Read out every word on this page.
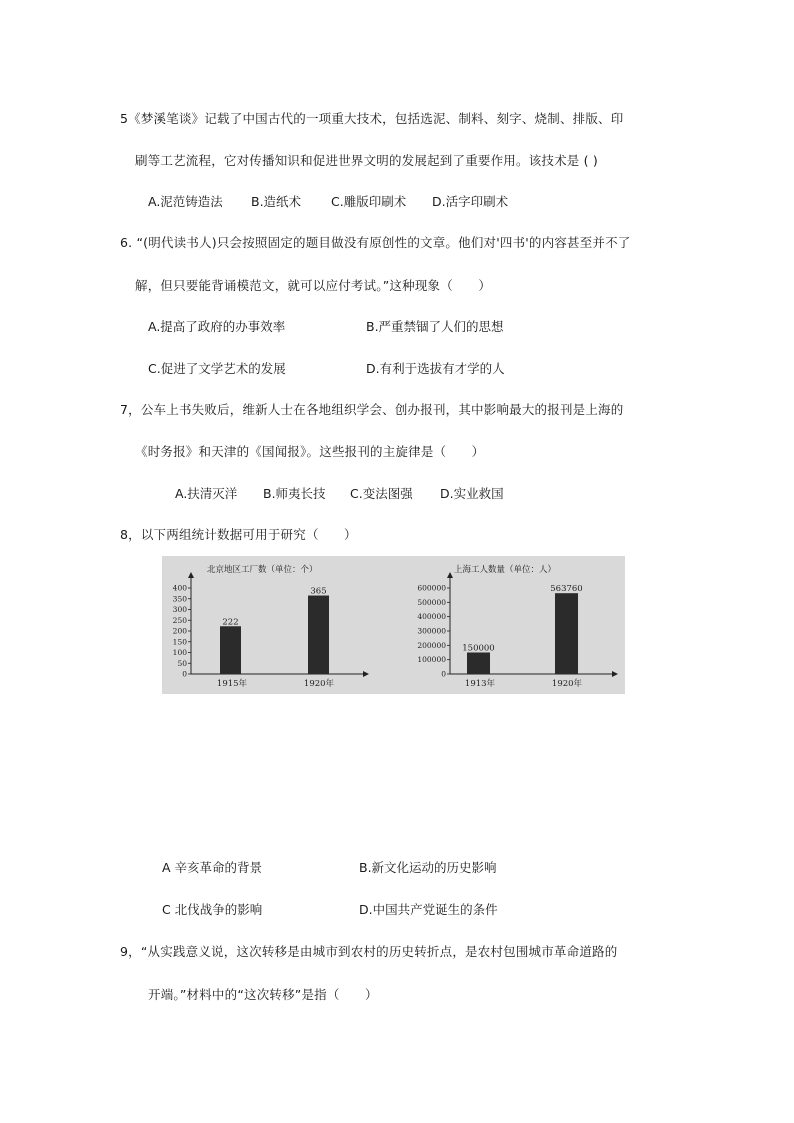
5《梦溪笔谈》记载了中国古代的一项重大技术，包括选泥、制料、刻字、烧制、排版、印
刷等工艺流程，它对传播知识和促进世界文明的发展起到了重要作用。该技术是 ( )
A.泥范铸造法 B.造纸术 C.雕版印刷术 D.活字印刷术
6. “(明代读书人)只会按照固定的题目做没有原创性的文章。他们对'四书'的内容甚至并不了
解，但只要能背诵模范文，就可以应付考试。”这种现象（　　）
A.提高了政府的办事效率	B.严重禁锢了人们的思想
C.促进了文学艺术的发展	D.有利于选拔有才学的人
7，公车上书失败后，维新人士在各地组织学会、创办报刊，其中影响最大的报刊是上海的
《时务报》和天津的《国闻报》。这些报刊的主旋律是（　　）
A.扶清灭洋 B.师夷长技 C.变法图强 D.实业救国
8，以下两组统计数据可用于研究（　　）
北京地区工厂数（单位：个）
0
50
100
150
200
250
300
350
400
222
1915年
365
1920年
上海工人数量（单位：人）
0
100000
200000
300000
400000
500000
600000
150000
1913年
563760
1920年
A 辛亥革命的背景	B.新文化运动的历史影响
C 北伐战争的影响	D.中国共产党诞生的条件
9，“从实践意义说，这次转移是由城市到农村的历史转折点，是农村包围城市革命道路的
开端。”材料中的“这次转移”是指（　　）
